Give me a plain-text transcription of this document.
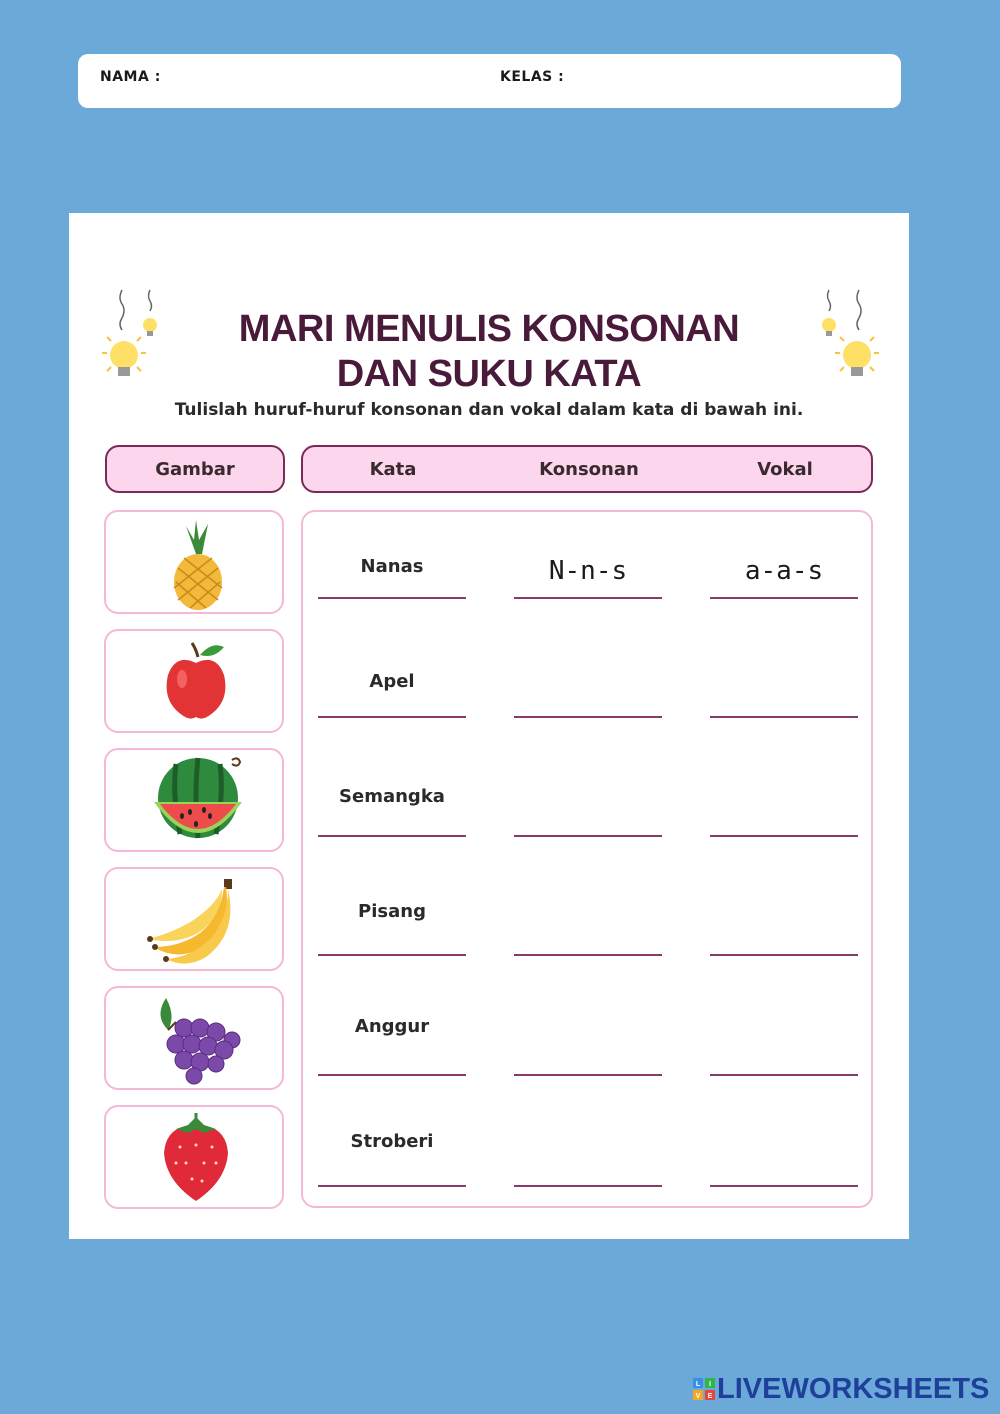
NAMA :	KELAS :
MARI MENULIS KONSONAN
DAN SUKU KATA
Tulislah huruf-huruf konsonan dan vokal dalam kata di bawah ini.
Gambar	Kata	Konsonan	Vokal
Nanas	N-n-s	a-a-s
Apel
Semangka
Pisang
Anggur
Stroberi
L I
V E LIVEWORKSHEETS
